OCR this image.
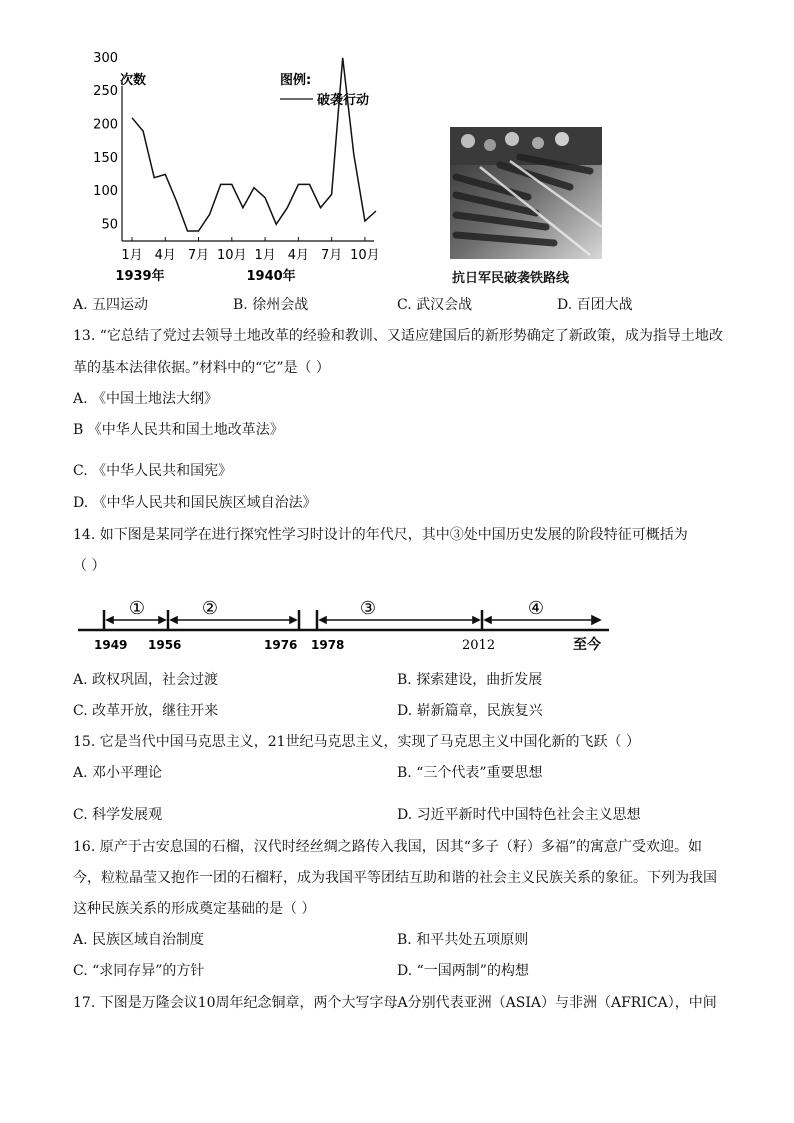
次数	图例:
破袭行动
300
250
200
150
100
50
1月 4月 7月 10月 1月 4月 7月 10月
1939年	1940年	抗日军民破袭铁路线
A. 五四运动	B. 徐州会战	C. 武汉会战	D. 百团大战
13. “它总结了党过去领导土地改革的经验和教训、又适应建国后的新形势确定了新政策，成为指导土地改
革的基本法律依据。”材料中的“它”是（ ）
A. 《中国土地法大纲》
B 《中华人民共和国土地改革法》
C. 《中华人民共和国宪》
D. 《中华人民共和国民族区域自治法》
14. 如下图是某同学在进行探究性学习时设计的年代尺，其中③处中国历史发展的阶段特征可概括为
（ ）
①	②	③	④
1949 1956	1976 1978	2012	至今
A. 政权巩固，社会过渡	B. 探索建设，曲折发展
C. 改革开放，继往开来	D. 崭新篇章，民族复兴
15. 它是当代中国马克思主义，21世纪马克思主义，实现了马克思主义中国化新的飞跃（ ）
A. 邓小平理论	B. “三个代表”重要思想
C. 科学发展观	D. 习近平新时代中国特色社会主义思想
16. 原产于古安息国的石榴，汉代时经丝绸之路传入我国，因其“多子（籽）多福”的寓意广受欢迎。如
今，粒粒晶莹又抱作一团的石榴籽，成为我国平等团结互助和谐的社会主义民族关系的象征。下列为我国
这种民族关系的形成奠定基础的是（ ）
A. 民族区域自治制度	B. 和平共处五项原则
C. “求同存异”的方针	D. “一国两制”的构想
17. 下图是万隆会议10周年纪念铜章，两个大写字母A分别代表亚洲（ASIA）与非洲（AFRICA），中间
